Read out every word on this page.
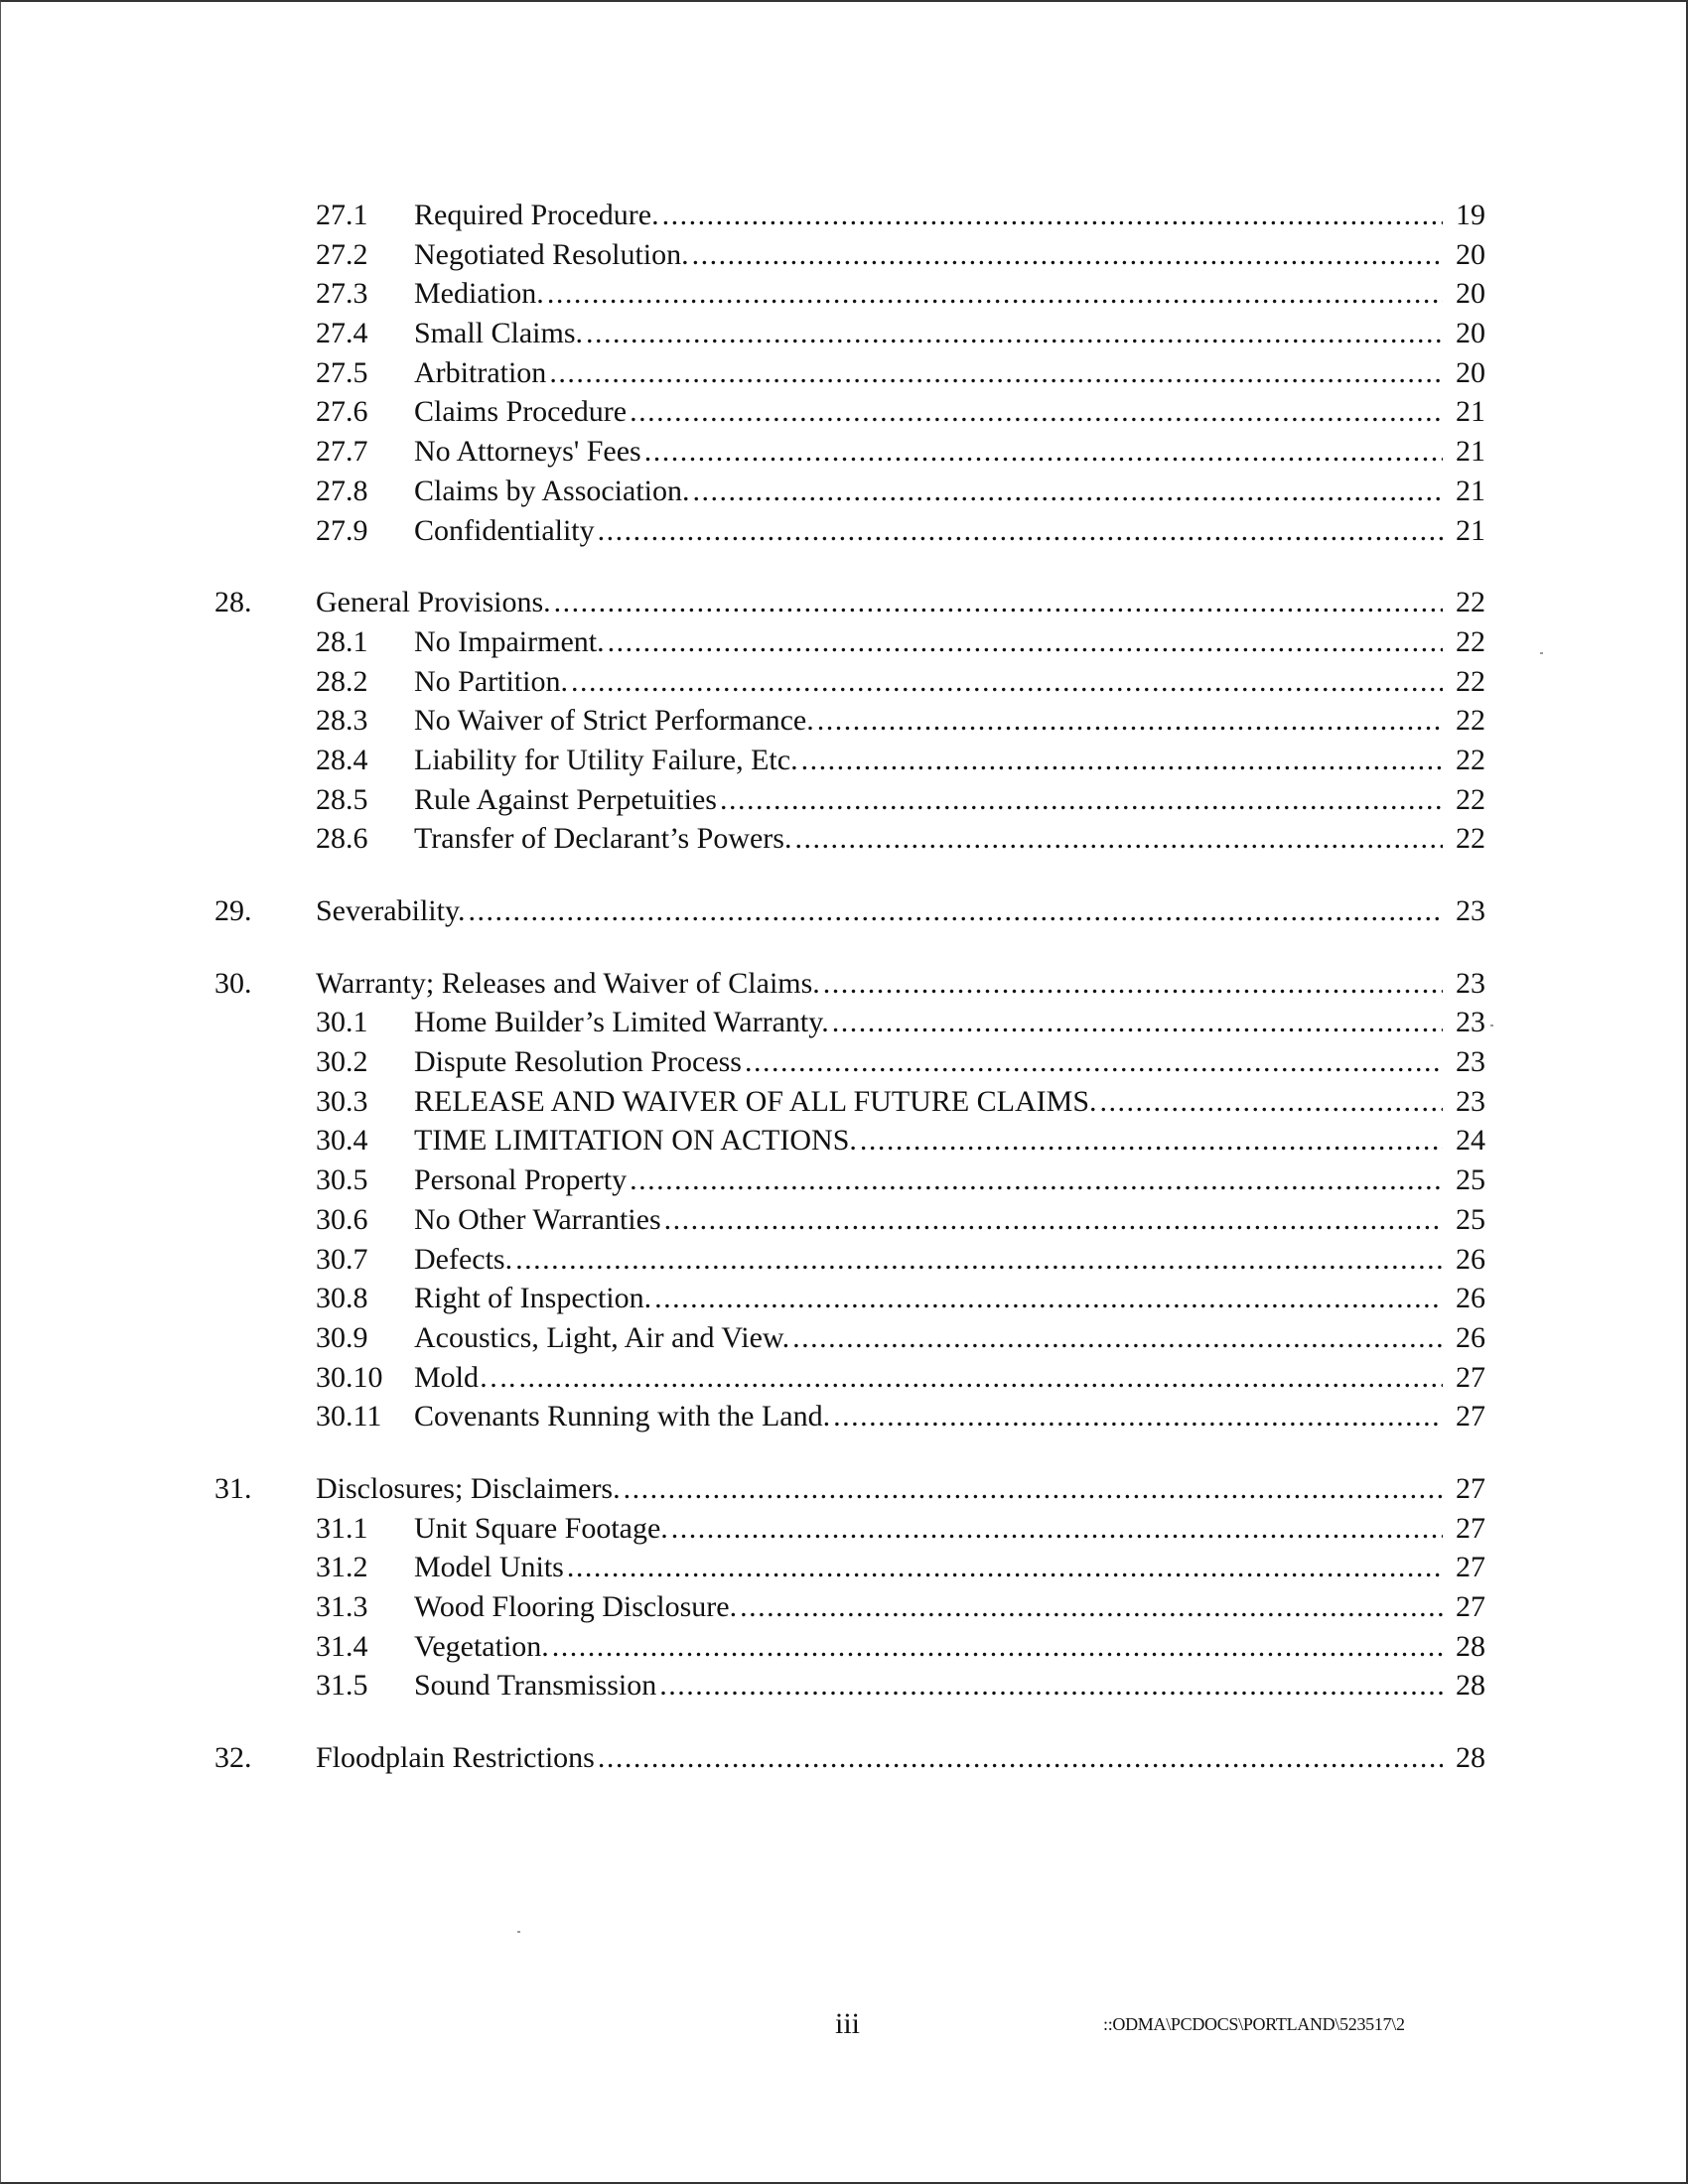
27.1	Required Procedure. .....	19
27.2	Negotiated Resolution. .....	20
27.3	Mediation. .....	20
27.4	Small Claims. .....	20
27.5	Arbitration .....	20
27.6	Claims Procedure .....	21
27.7	No Attorneys' Fees .....	21
27.8	Claims by Association. .....	21
27.9	Confidentiality .....	21
28.	General Provisions. .....	22
28.1	No Impairment. .....	22
28.2	No Partition. .....	22
28.3	No Waiver of Strict Performance. .....	22
28.4	Liability for Utility Failure, Etc. .....	22
28.5	Rule Against Perpetuities .....	22
28.6	Transfer of Declarant’s Powers. .....	22
29.	Severability. .....	23
30.	Warranty; Releases and Waiver of Claims. .....	23
30.1	Home Builder’s Limited Warranty. .....	23
30.2	Dispute Resolution Process .....	23
30.3	RELEASE AND WAIVER OF ALL FUTURE CLAIMS. .....	23
30.4	TIME LIMITATION ON ACTIONS. .....	24
30.5	Personal Property .....	25
30.6	No Other Warranties .....	25
30.7	Defects. .....	26
30.8	Right of Inspection. .....	26
30.9	Acoustics, Light, Air and View. .....	26
30.10	Mold…. .....	27
30.11	Covenants Running with the Land. .....	27
31.	Disclosures; Disclaimers. .....	27
31.1	Unit Square Footage. .....	27
31.2	Model Units .....	27
31.3	Wood Flooring Disclosure. .....	27
31.4	Vegetation. .....	28
31.5	Sound Transmission .....	28
32.	Floodplain Restrictions .....	28
iii	::ODMA\PCDOCS\PORTLAND\523517\2
